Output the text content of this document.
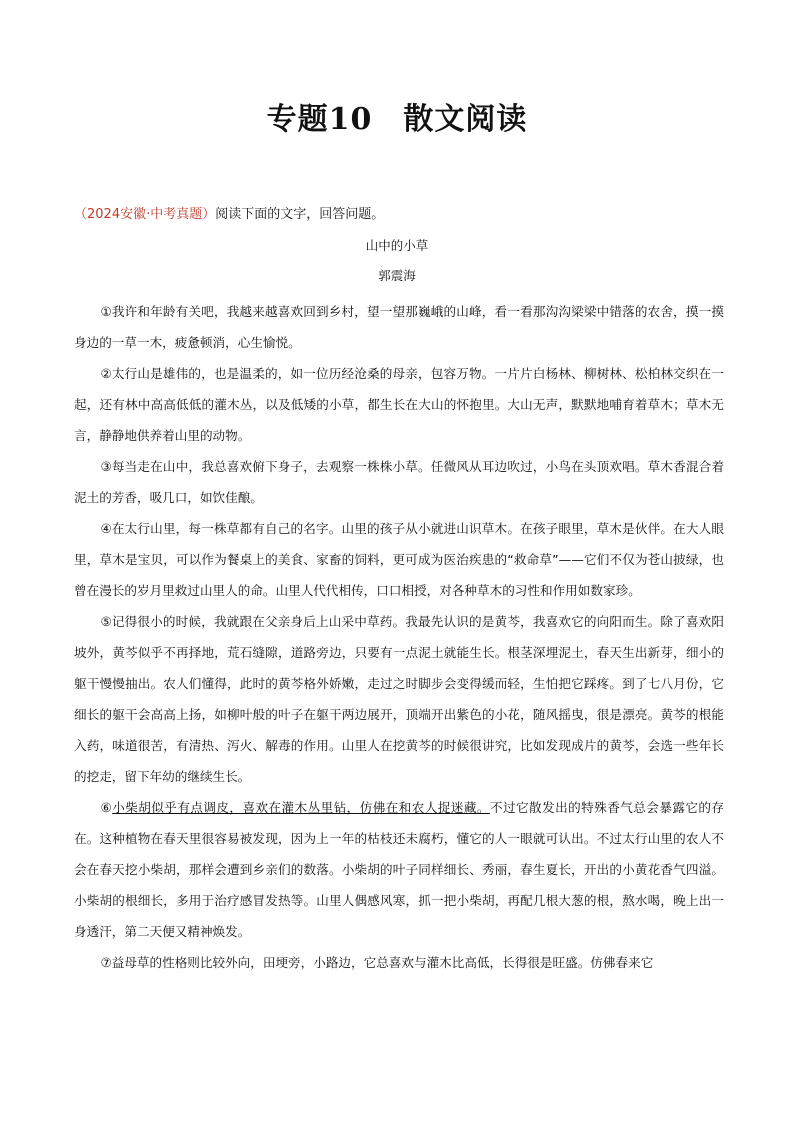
专题10　散文阅读
（2024安徽·中考真题）阅读下面的文字，回答问题。
山中的小草
郭震海

①我许和年龄有关吧，我越来越喜欢回到乡村，望一望那巍峨的山峰，看一看那沟沟梁梁中错落的农舍，摸一摸身边的一草一木，疲惫顿消，心生愉悦。

②太行山是雄伟的，也是温柔的，如一位历经沧桑的母亲，包容万物。一片片白杨林、柳树林、松柏林交织在一起，还有林中高高低低的灌木丛，以及低矮的小草，都生长在大山的怀抱里。大山无声，默默地哺育着草木；草木无言，静静地供养着山里的动物。

③每当走在山中，我总喜欢俯下身子，去观察一株株小草。任微风从耳边吹过，小鸟在头顶欢唱。草木香混合着泥土的芳香，吸几口，如饮佳酿。

④在太行山里，每一株草都有自己的名字。山里的孩子从小就进山识草木。在孩子眼里，草木是伙伴。在大人眼里，草木是宝贝，可以作为餐桌上的美食、家畜的饲料，更可成为医治疾患的“救命草”——它们不仅为苍山披绿，也曾在漫长的岁月里救过山里人的命。山里人代代相传，口口相授，对各种草木的习性和作用如数家珍。

⑤记得很小的时候，我就跟在父亲身后上山采中草药。我最先认识的是黄芩，我喜欢它的向阳而生。除了喜欢阳坡外，黄芩似乎不再择地，荒石缝隙，道路旁边，只要有一点泥土就能生长。根茎深埋泥土，春天生出新芽，细小的躯干慢慢抽出。农人们懂得，此时的黄芩格外娇嫩，走过之时脚步会变得缓而轻，生怕把它踩疼。到了七八月份，它细长的躯干会高高上扬，如柳叶般的叶子在躯干两边展开，顶端开出紫色的小花，随风摇曳，很是漂亮。黄芩的根能入药，味道很苦，有清热、泻火、解毒的作用。山里人在挖黄芩的时候很讲究，比如发现成片的黄芩，会选一些年长的挖走，留下年幼的继续生长。

⑥小柴胡似乎有点调皮，喜欢在灌木丛里钻，仿佛在和农人捉迷藏。不过它散发出的特殊香气总会暴露它的存在。这种植物在春天里很容易被发现，因为上一年的枯枝还未腐朽，懂它的人一眼就可认出。不过太行山里的农人不会在春天挖小柴胡，那样会遭到乡亲们的数落。小柴胡的叶子同样细长、秀丽，春生夏长，开出的小黄花香气四溢。小柴胡的根细长，多用于治疗感冒发热等。山里人偶感风寒，抓一把小柴胡，再配几根大葱的根，熬水喝，晚上出一身透汗，第二天便又精神焕发。

⑦益母草的性格则比较外向，田埂旁，小路边，它总喜欢与灌木比高低，长得很是旺盛。仿佛春来它
